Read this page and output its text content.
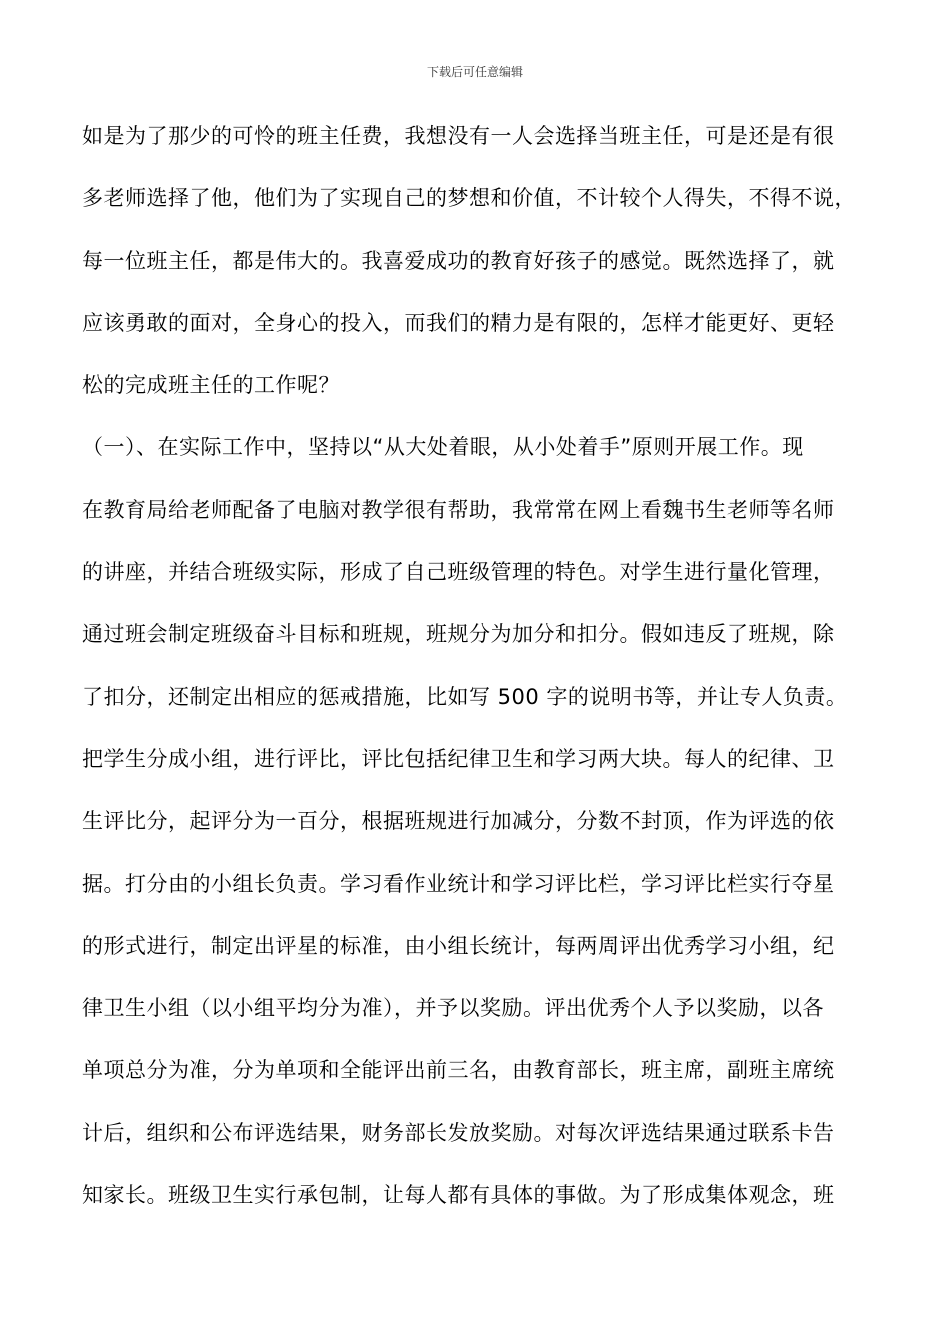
下载后可任意编辑
如是为了那少的可怜的班主任费，我想没有一人会选择当班主任，可是还是有很
多老师选择了他，他们为了实现自己的梦想和价值，不计较个人得失，不得不说，
每一位班主任，都是伟大的。我喜爱成功的教育好孩子的感觉。既然选择了，就
应该勇敢的面对，全身心的投入，而我们的精力是有限的，怎样才能更好、更轻
松的完成班主任的工作呢？
（一）、在实际工作中，坚持以“从大处着眼，从小处着手”原则开展工作。现
在教育局给老师配备了电脑对教学很有帮助，我常常在网上看魏书生老师等名师
的讲座，并结合班级实际，形成了自己班级管理的特色。对学生进行量化管理，
通过班会制定班级奋斗目标和班规，班规分为加分和扣分。假如违反了班规，除
了扣分，还制定出相应的惩戒措施，比如写 500 字的说明书等，并让专人负责。
把学生分成小组，进行评比，评比包括纪律卫生和学习两大块。每人的纪律、卫
生评比分，起评分为一百分，根据班规进行加减分，分数不封顶，作为评选的依
据。打分由的小组长负责。学习看作业统计和学习评比栏，学习评比栏实行夺星
的形式进行，制定出评星的标准，由小组长统计，每两周评出优秀学习小组，纪
律卫生小组（以小组平均分为准），并予以奖励。评出优秀个人予以奖励，以各
单项总分为准，分为单项和全能评出前三名，由教育部长，班主席，副班主席统
计后，组织和公布评选结果，财务部长发放奖励。对每次评选结果通过联系卡告
知家长。班级卫生实行承包制，让每人都有具体的事做。为了形成集体观念，班
